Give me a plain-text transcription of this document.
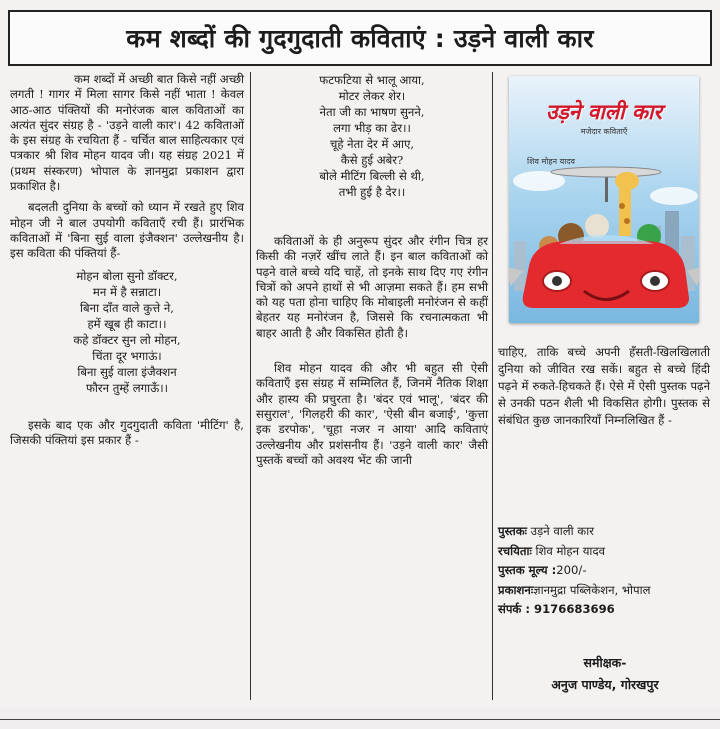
कम शब्दों की गुदगुदाती कविताएं : उड़ने वाली कार

कम शब्दों में अच्छी बात किसे नहीं अच्छी लगती ! गागर में मिला सागर किसे नहीं भाता ! केवल आठ-आठ पंक्तियों की मनोरंजक बाल कविताओं का अत्यंत सुंदर संग्रह है - 'उड़ने वाली कार'। 42 कविताओं के इस संग्रह के रचयिता हैं - चर्चित बाल साहित्यकार एवं पत्रकार श्री शिव मोहन यादव जी। यह संग्रह 2021 में (प्रथम संस्करण) भोपाल के ज्ञानमुद्रा प्रकाशन द्वारा प्रकाशित है।

बदलती दुनिया के बच्चों को ध्यान में रखते हुए शिव मोहन जी ने बाल उपयोगी कविताएँ रची हैं। प्रारंभिक कविताओं में 'बिना सुई वाला इंजैक्शन' उल्लेखनीय है। इस कविता की पंक्तियां हैं-

मोहन बोला सुनो डॉक्टर,
मन में है सन्नाटा।
बिना दाँत वाले कुत्ते ने,
हमें खूब ही काटा।।
कहे डॉक्टर सुन लो मोहन,
चिंता दूर भगाऊं।
बिना सुई वाला इंजैक्शन
फौरन तुम्हें लगाऊँ।।

इसके बाद एक और गुदगुदाती कविता 'मीटिंग' है, जिसकी पंक्तियां इस प्रकार हैं -

फटफटिया से भालू आया,
मोटर लेकर शेर।
नेता जी का भाषण सुनने,
लगा भीड़ का ढेर।।
चूहे नेता देर में आए,
कैसे हुई अबेर?
बोले मीटिंग बिल्ली से थी,
तभी हुई है देर।।

कविताओं के ही अनुरूप सुंदर और रंगीन चित्र हर किसी की नज़रें खींच लाते हैं। इन बाल कविताओं को पढ़ने वाले बच्चे यदि चाहें, तो इनके साथ दिए गए रंगीन चित्रों को अपने हाथों से भी आज़मा सकते हैं। हम सभी को यह पता होना चाहिए कि मोबाइली मनोरंजन से कहीं बेहतर यह मनोरंजन है, जिससे कि रचनात्मकता भी बाहर आती है और विकसित होती है।

शिव मोहन यादव की और भी बहुत सी ऐसी कविताएँ इस संग्रह में सम्मिलित हैं, जिनमें नैतिक शिक्षा और हास्य की प्रचुरता है। 'बंदर एवं भालू', 'बंदर की ससुराल', 'गिलहरी की कार', 'ऐसी बीन बजाई', 'कुत्ता इक डरपोक', 'चूहा नजर न आया' आदि कविताएं उल्लेखनीय और प्रशंसनीय हैं। 'उड़ने वाली कार' जैसी पुस्तकें बच्चों को अवश्य भेंट की जानी

उड़ने वाली कार
मजेदार कविताएँ
शिव मोहन यादव
चाहिए, ताकि बच्चे अपनी हँसती-खिलखिलाती दुनिया को जीवित रख सकें। बहुत से बच्चे हिंदी पढ़ने में रुकते-हिचकते हैं। ऐसे में ऐसी पुस्तक पढ़ने से उनकी पठन शैली भी विकसित होगी। पुस्तक से संबंधित कुछ जानकारियाँ निम्नलिखित हैं -
पुस्तकः उड़ने वाली कार
रचयिताः शिव मोहन यादव
पुस्तक मूल्य :200/-
प्रकाशनःज्ञानमुद्रा पब्लिकेशन, भोपाल
संपर्क : 9176683696
समीक्षक-
अनुज पाण्डेय, गोरखपुर
